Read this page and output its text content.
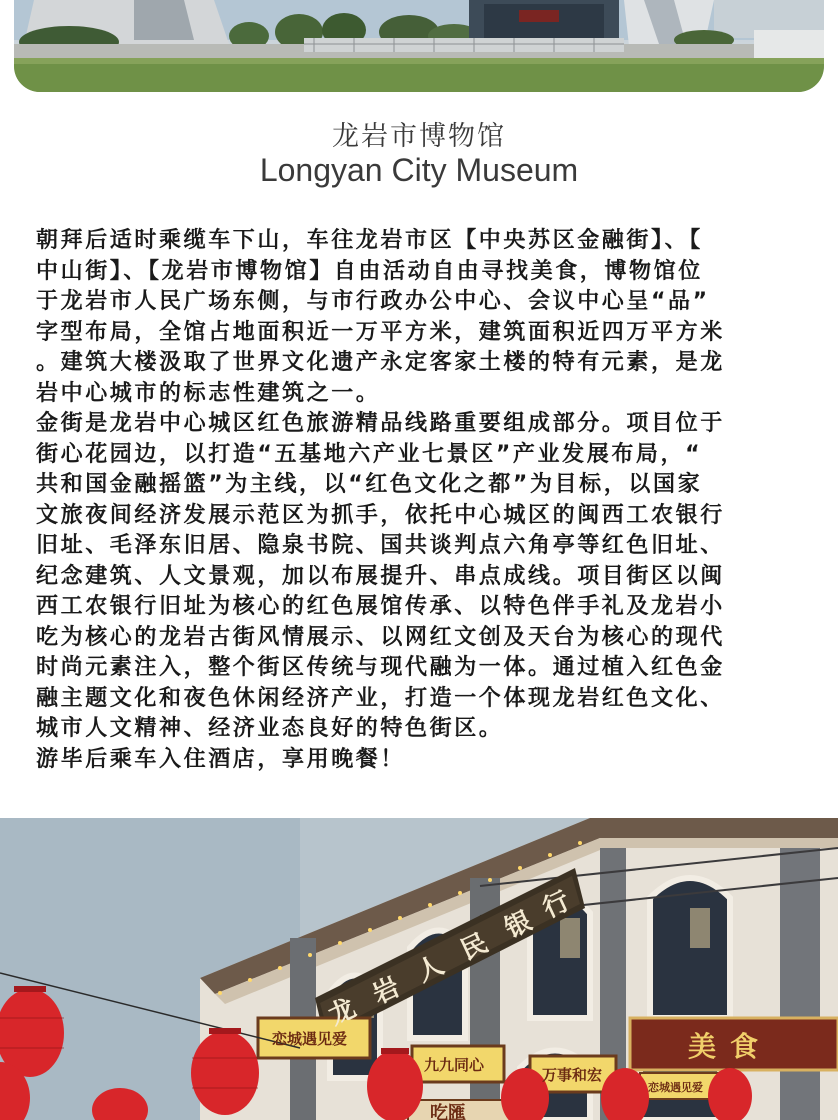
龙岩市博物馆
Longyan City Museum
朝拜后适时乘缆车下山，车往龙岩市区【中央苏区金融街】、【
中山街】、【龙岩市博物馆】自由活动自由寻找美食，博物馆位
于龙岩市人民广场东侧，与市行政办公中心、会议中心呈“品”
字型布局，全馆占地面积近一万平方米，建筑面积近四万平方米
。建筑大楼汲取了世界文化遗产永定客家土楼的特有元素，是龙
岩中心城市的标志性建筑之一。
金街是龙岩中心城区红色旅游精品线路重要组成部分。项目位于
街心花园边，以打造“五基地六产业七景区”产业发展布局，“
共和国金融摇篮”为主线，以“红色文化之都”为目标，以国家
文旅夜间经济发展示范区为抓手，依托中心城区的闽西工农银行
旧址、毛泽东旧居、隐泉书院、国共谈判点六角亭等红色旧址、
纪念建筑、人文景观，加以布展提升、串点成线。项目街区以闽
西工农银行旧址为核心的红色展馆传承、以特色伴手礼及龙岩小
吃为核心的龙岩古街风情展示、以网红文创及天台为核心的现代
时尚元素注入，整个街区传统与现代融为一体。通过植入红色金
融主题文化和夜色休闲经济产业，打造一个体现龙岩红色文化、
城市人文精神、经济业态良好的特色街区。
游毕后乘车入住酒店，享用晚餐！
龙
岩
人
民
银
行
恋城遇见爱
九九同心
万事和宏
恋城遇见爱
吃匯
美食
